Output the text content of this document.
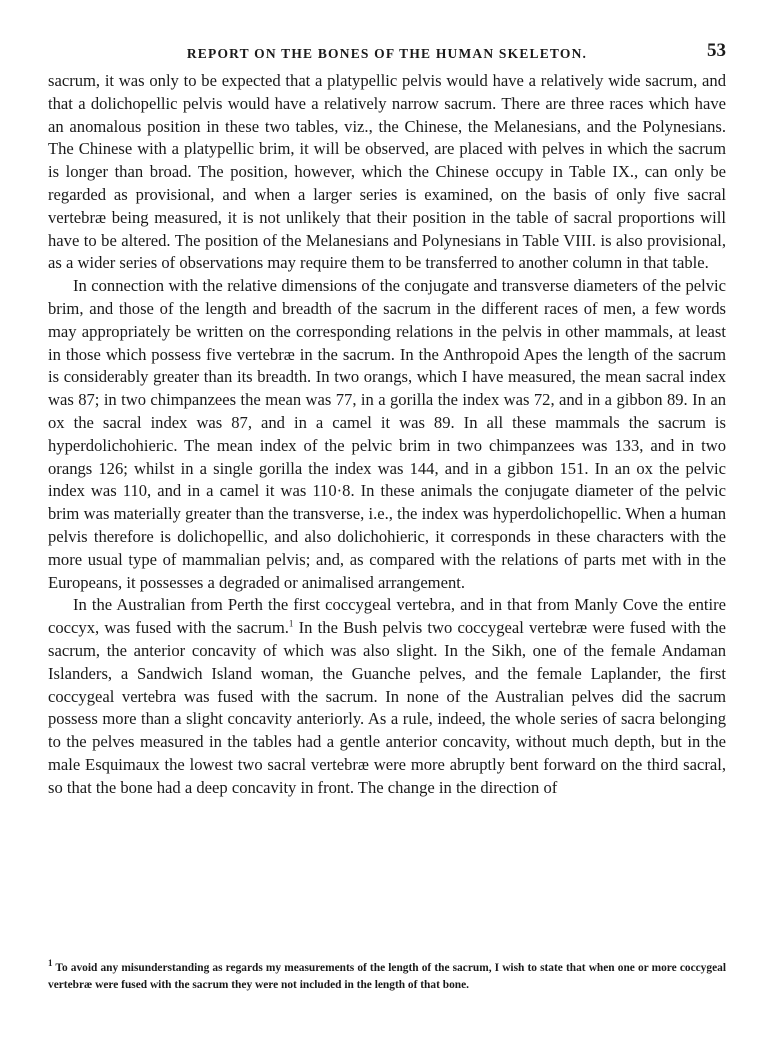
REPORT ON THE BONES OF THE HUMAN SKELETON.	53

sacrum, it was only to be expected that a platypellic pelvis would have a relatively wide sacrum, and that a dolichopellic pelvis would have a relatively narrow sacrum. There are three races which have an anomalous position in these two tables, viz., the Chinese, the Melanesians, and the Polynesians. The Chinese with a platypellic brim, it will be observed, are placed with pelves in which the sacrum is longer than broad. The position, however, which the Chinese occupy in Table IX., can only be regarded as provisional, and when a larger series is examined, on the basis of only five sacral vertebræ being measured, it is not unlikely that their position in the table of sacral proportions will have to be altered. The position of the Melanesians and Polynesians in Table VIII. is also provisional, as a wider series of observations may require them to be transferred to another column in that table.

In connection with the relative dimensions of the conjugate and transverse diameters of the pelvic brim, and those of the length and breadth of the sacrum in the different races of men, a few words may appropriately be written on the corresponding relations in the pelvis in other mammals, at least in those which possess five vertebræ in the sacrum. In the Anthropoid Apes the length of the sacrum is considerably greater than its breadth. In two orangs, which I have measured, the mean sacral index was 87; in two chimpanzees the mean was 77, in a gorilla the index was 72, and in a gibbon 89. In an ox the sacral index was 87, and in a camel it was 89. In all these mammals the sacrum is hyperdolichohieric. The mean index of the pelvic brim in two chimpanzees was 133, and in two orangs 126; whilst in a single gorilla the index was 144, and in a gibbon 151. In an ox the pelvic index was 110, and in a camel it was 110·8. In these animals the conjugate diameter of the pelvic brim was materially greater than the transverse, i.e., the index was hyperdolichopellic. When a human pelvis therefore is dolichopellic, and also dolichohieric, it corresponds in these characters with the more usual type of mammalian pelvis; and, as compared with the relations of parts met with in the Europeans, it possesses a degraded or animalised arrangement.

In the Australian from Perth the first coccygeal vertebra, and in that from Manly Cove the entire coccyx, was fused with the sacrum.$^1$ In the Bush pelvis two coccygeal vertebræ were fused with the sacrum, the anterior concavity of which was also slight. In the Sikh, one of the female Andaman Islanders, a Sandwich Island woman, the Guanche pelves, and the female Laplander, the first coccygeal vertebra was fused with the sacrum. In none of the Australian pelves did the sacrum possess more than a slight concavity anteriorly. As a rule, indeed, the whole series of sacra belonging to the pelves measured in the tables had a gentle anterior concavity, without much depth, but in the male Esquimaux the lowest two sacral vertebræ were more abruptly bent forward on the third sacral, so that the bone had a deep concavity in front. The change in the direction of

$^1$ To avoid any misunderstanding as regards my measurements of the length of the sacrum, I wish to state that when one or more coccygeal vertebræ were fused with the sacrum they were not included in the length of that bone.
